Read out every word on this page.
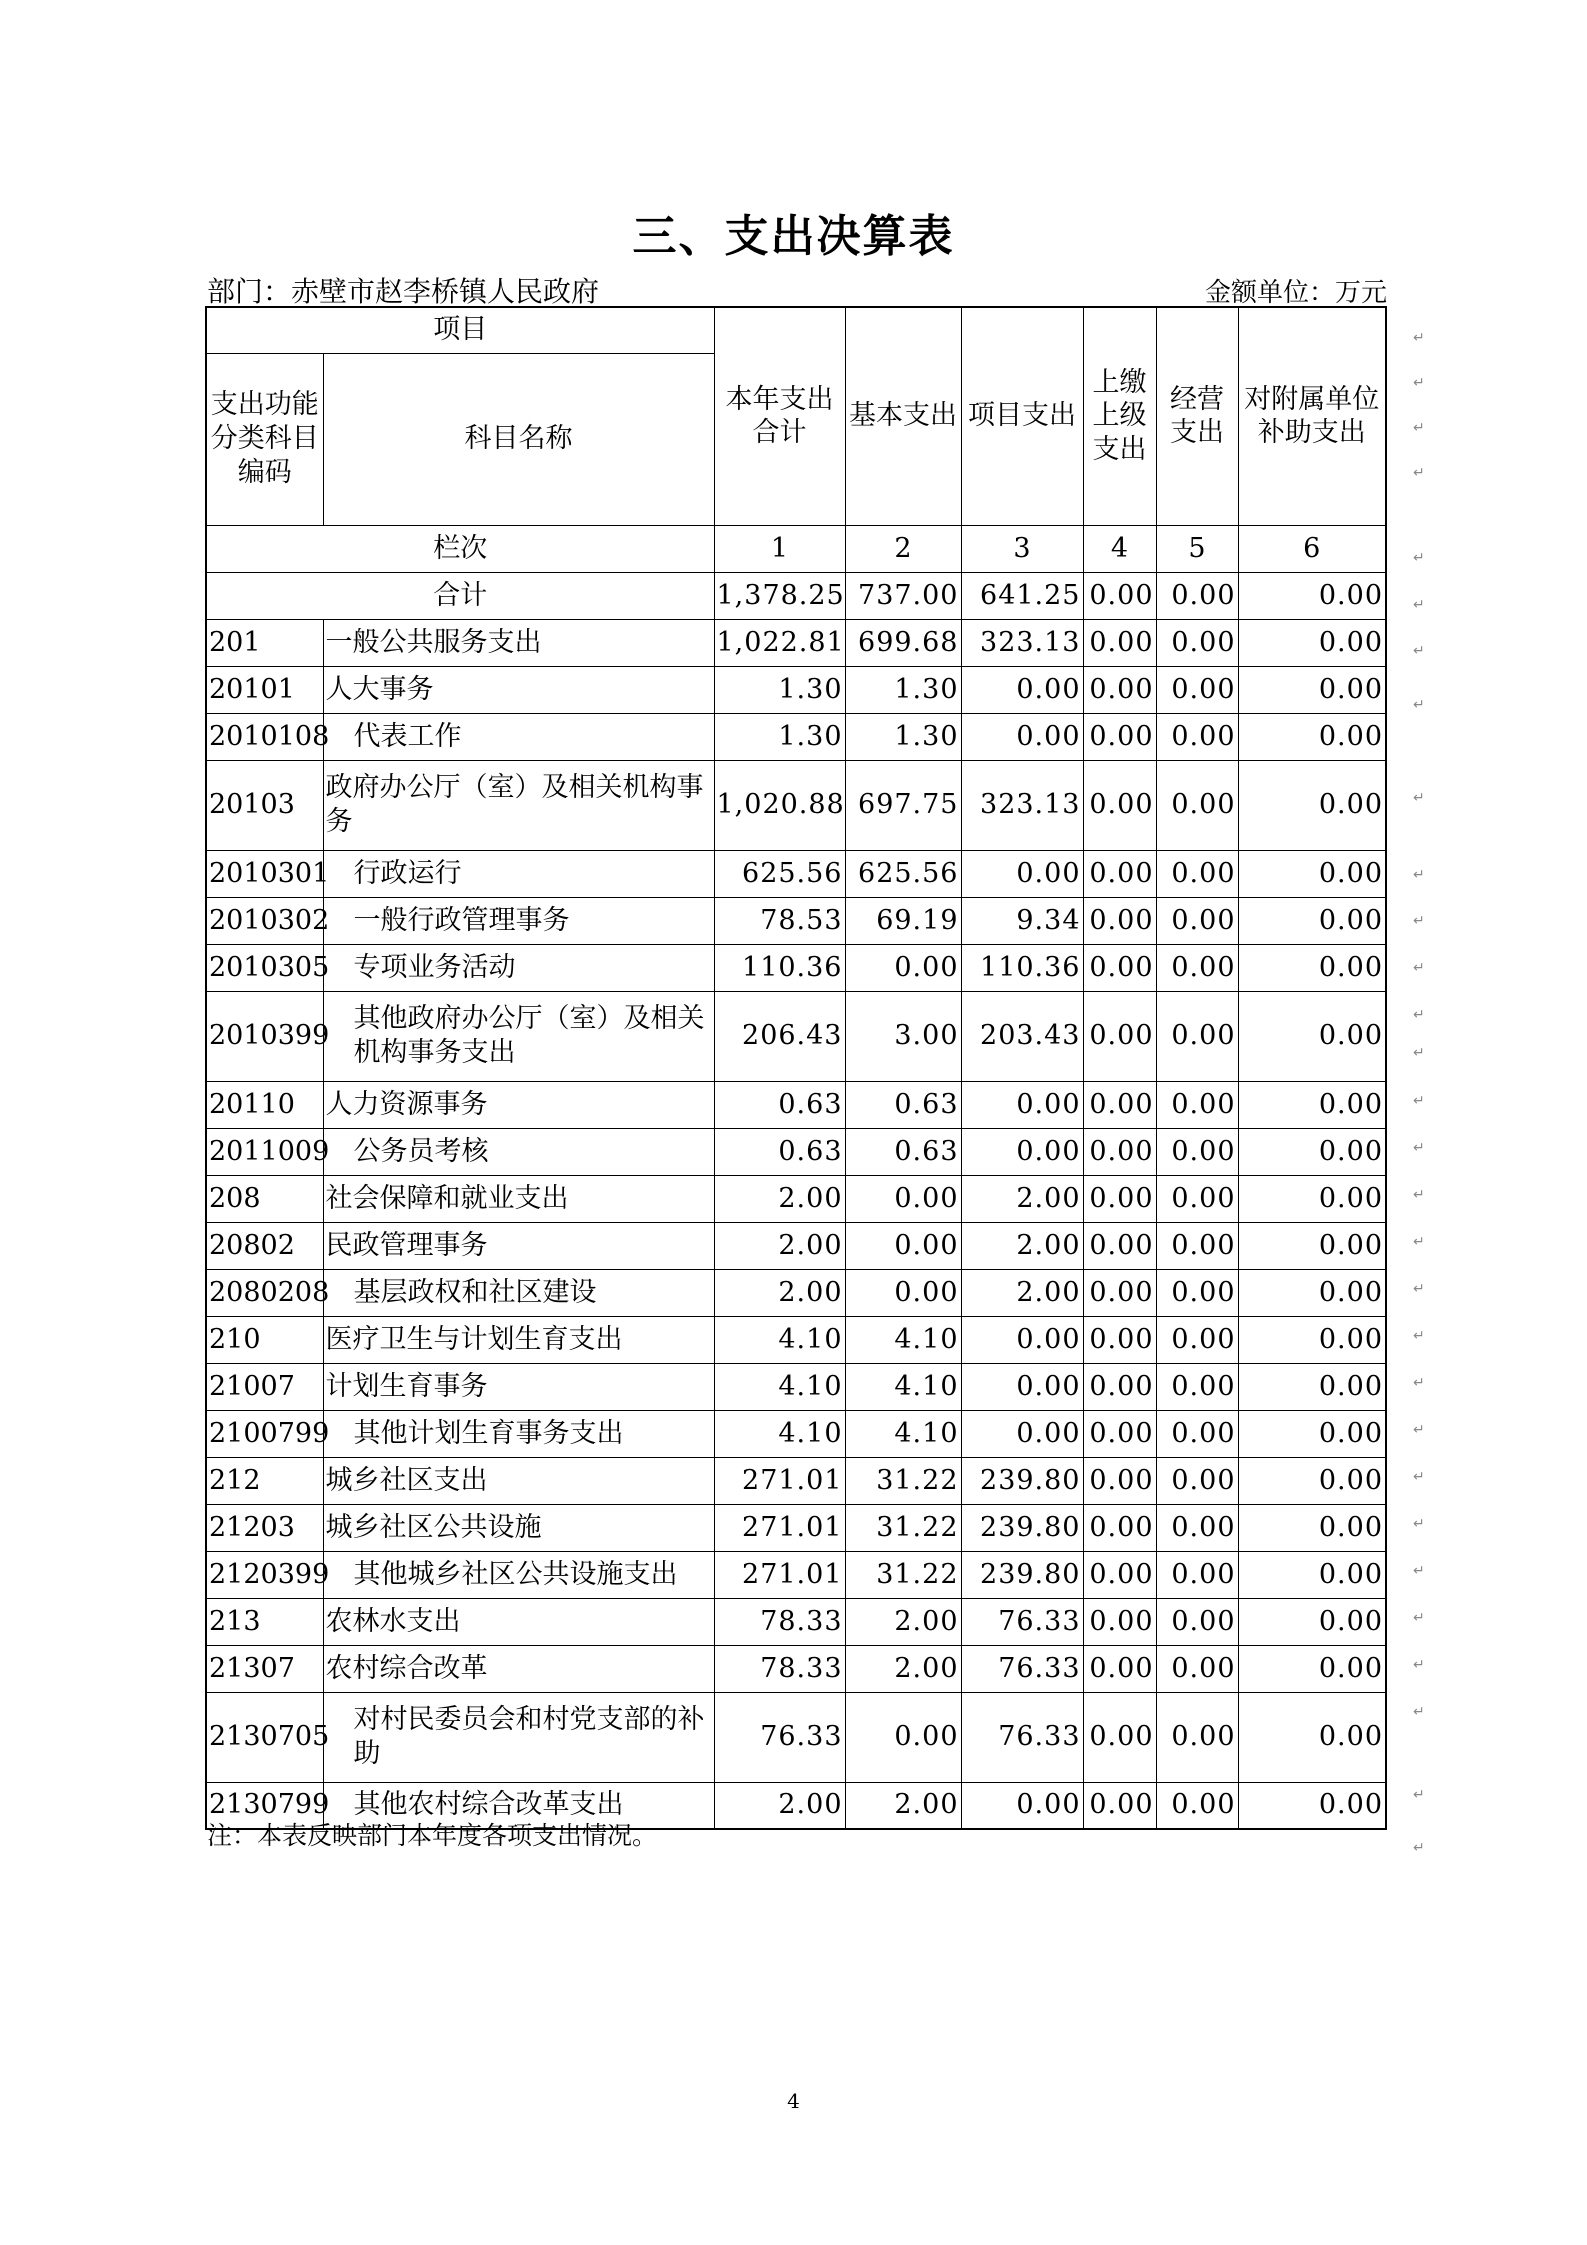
三、支出决算表
部门：赤壁市赵李桥镇人民政府	金额单位：万元
项目		本年支出合计	基本支出	项目支出	上缴上级支出	经营支出	对附属单位补助支出
支出功能分类科目编码	科目名称						
栏次		1	2	3	4	5	6
合计		1,378.25	737.00	641.25	0.00	0.00	0.00
201	一般公共服务支出	1,022.81	699.68	323.13	0.00	0.00	0.00
20101	人大事务	1.30	1.30	0.00	0.00	0.00	0.00
2010108	代表工作	1.30	1.30	0.00	0.00	0.00	0.00
20103	政府办公厅（室）及相关机构事务	1,020.88	697.75	323.13	0.00	0.00	0.00
2010301	行政运行	625.56	625.56	0.00	0.00	0.00	0.00
2010302	一般行政管理事务	78.53	69.19	9.34	0.00	0.00	0.00
2010305	专项业务活动	110.36	0.00	110.36	0.00	0.00	0.00
2010399	其他政府办公厅（室）及相关机构事务支出	206.43	3.00	203.43	0.00	0.00	0.00
20110	人力资源事务	0.63	0.63	0.00	0.00	0.00	0.00
2011009	公务员考核	0.63	0.63	0.00	0.00	0.00	0.00
208	社会保障和就业支出	2.00	0.00	2.00	0.00	0.00	0.00
20802	民政管理事务	2.00	0.00	2.00	0.00	0.00	0.00
2080208	基层政权和社区建设	2.00	0.00	2.00	0.00	0.00	0.00
210	医疗卫生与计划生育支出	4.10	4.10	0.00	0.00	0.00	0.00
21007	计划生育事务	4.10	4.10	0.00	0.00	0.00	0.00
2100799	其他计划生育事务支出	4.10	4.10	0.00	0.00	0.00	0.00
212	城乡社区支出	271.01	31.22	239.80	0.00	0.00	0.00
21203	城乡社区公共设施	271.01	31.22	239.80	0.00	0.00	0.00
2120399	其他城乡社区公共设施支出	271.01	31.22	239.80	0.00	0.00	0.00
213	农林水支出	78.33	2.00	76.33	0.00	0.00	0.00
21307	农村综合改革	78.33	2.00	76.33	0.00	0.00	0.00
2130705	对村民委员会和村党支部的补助	76.33	0.00	76.33	0.00	0.00	0.00
2130799	其他农村综合改革支出	2.00	2.00	0.00	0.00	0.00	0.00
注：本表反映部门本年度各项支出情况。
4
↵
↵
↵
↵
↵
↵
↵
↵
↵
↵
↵
↵
↵
↵
↵
↵
↵
↵
↵
↵
↵
↵
↵
↵
↵
↵
↵
↵
↵
↵
